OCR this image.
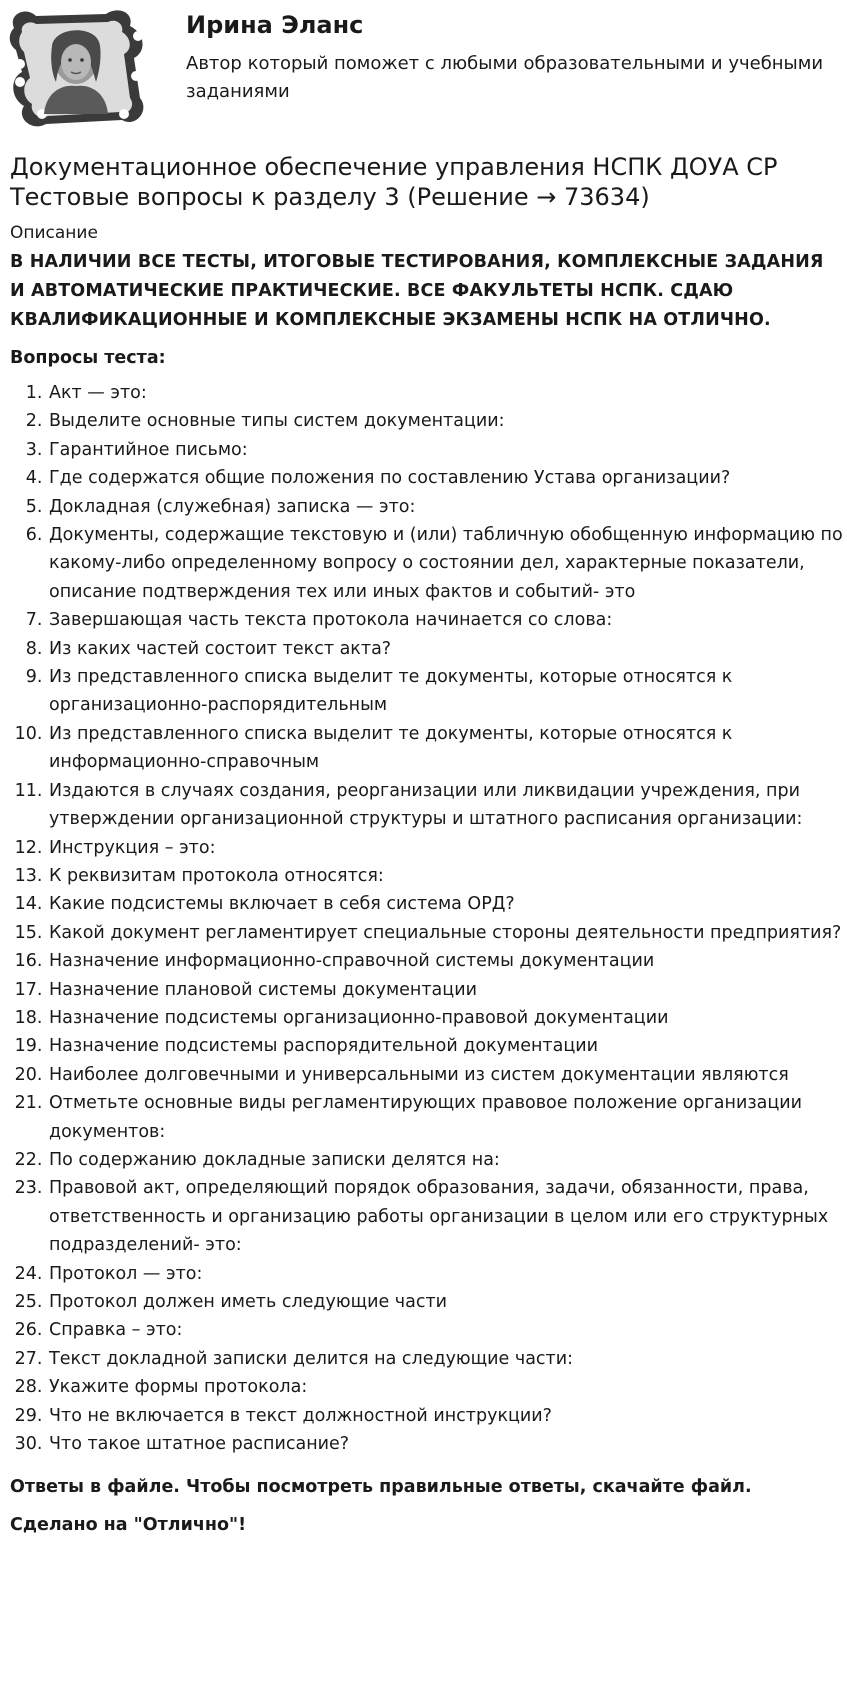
Ирина Эланс
Автор который поможет с любыми образовательными и учебными заданиями
Документационное обеспечение управления НСПК ДОУА СР
Тестовые вопросы к разделу 3 (Решение → 73634)
Описание
В НАЛИЧИИ ВСЕ ТЕСТЫ, ИТОГОВЫЕ ТЕСТИРОВАНИЯ, КОМПЛЕКСНЫЕ ЗАДАНИЯ И АВТОМАТИЧЕСКИЕ ПРАКТИЧЕСКИЕ. ВСЕ ФАКУЛЬТЕТЫ НСПК. СДАЮ КВАЛИФИКАЦИОННЫЕ И КОМПЛЕКСНЫЕ ЭКЗАМЕНЫ НСПК НА ОТЛИЧНО.
Вопросы теста:
1. Акт — это:
2. Выделите основные типы систем документации:
3. Гарантийное письмо:
4. Где содержатся общие положения по составлению Устава организации?
5. Докладная (служебная) записка — это:
6. Документы, содержащие текстовую и (или) табличную обобщенную информацию по какому-либо определенному вопросу о состоянии дел, характерные показатели, описание подтверждения тех или иных фактов и событий- это
7. Завершающая часть текста протокола начинается со слова:
8. Из каких частей состоит текст акта?
9. Из представленного списка выделит те документы, которые относятся к организационно-распорядительным
10. Из представленного списка выделит те документы, которые относятся к информационно-справочным
11. Издаются в случаях создания, реорганизации или ликвидации учреждения, при утверждении организационной структуры и штатного расписания организации:
12. Инструкция – это:
13. К реквизитам протокола относятся:
14. Какие подсистемы включает в себя система ОРД?
15. Какой документ регламентирует специальные стороны деятельности предприятия?
16. Назначение информационно-справочной системы документации
17. Назначение плановой системы документации
18. Назначение подсистемы организационно-правовой документации
19. Назначение подсистемы распорядительной документации
20. Наиболее долговечными и универсальными из систем документации являются
21. Отметьте основные виды регламентирующих правовое положение организации документов:
22. По содержанию докладные записки делятся на:
23. Правовой акт, определяющий порядок образования, задачи, обязанности, права, ответственность и организацию работы организации в целом или его структурных подразделений- это:
24. Протокол — это:
25. Протокол должен иметь следующие части
26. Справка – это:
27. Текст докладной записки делится на следующие части:
28. Укажите формы протокола:
29. Что не включается в текст должностной инструкции?
30. Что такое штатное расписание?
Ответы в файле. Чтобы посмотреть правильные ответы, скачайте файл.
Сделано на "Отлично"!
